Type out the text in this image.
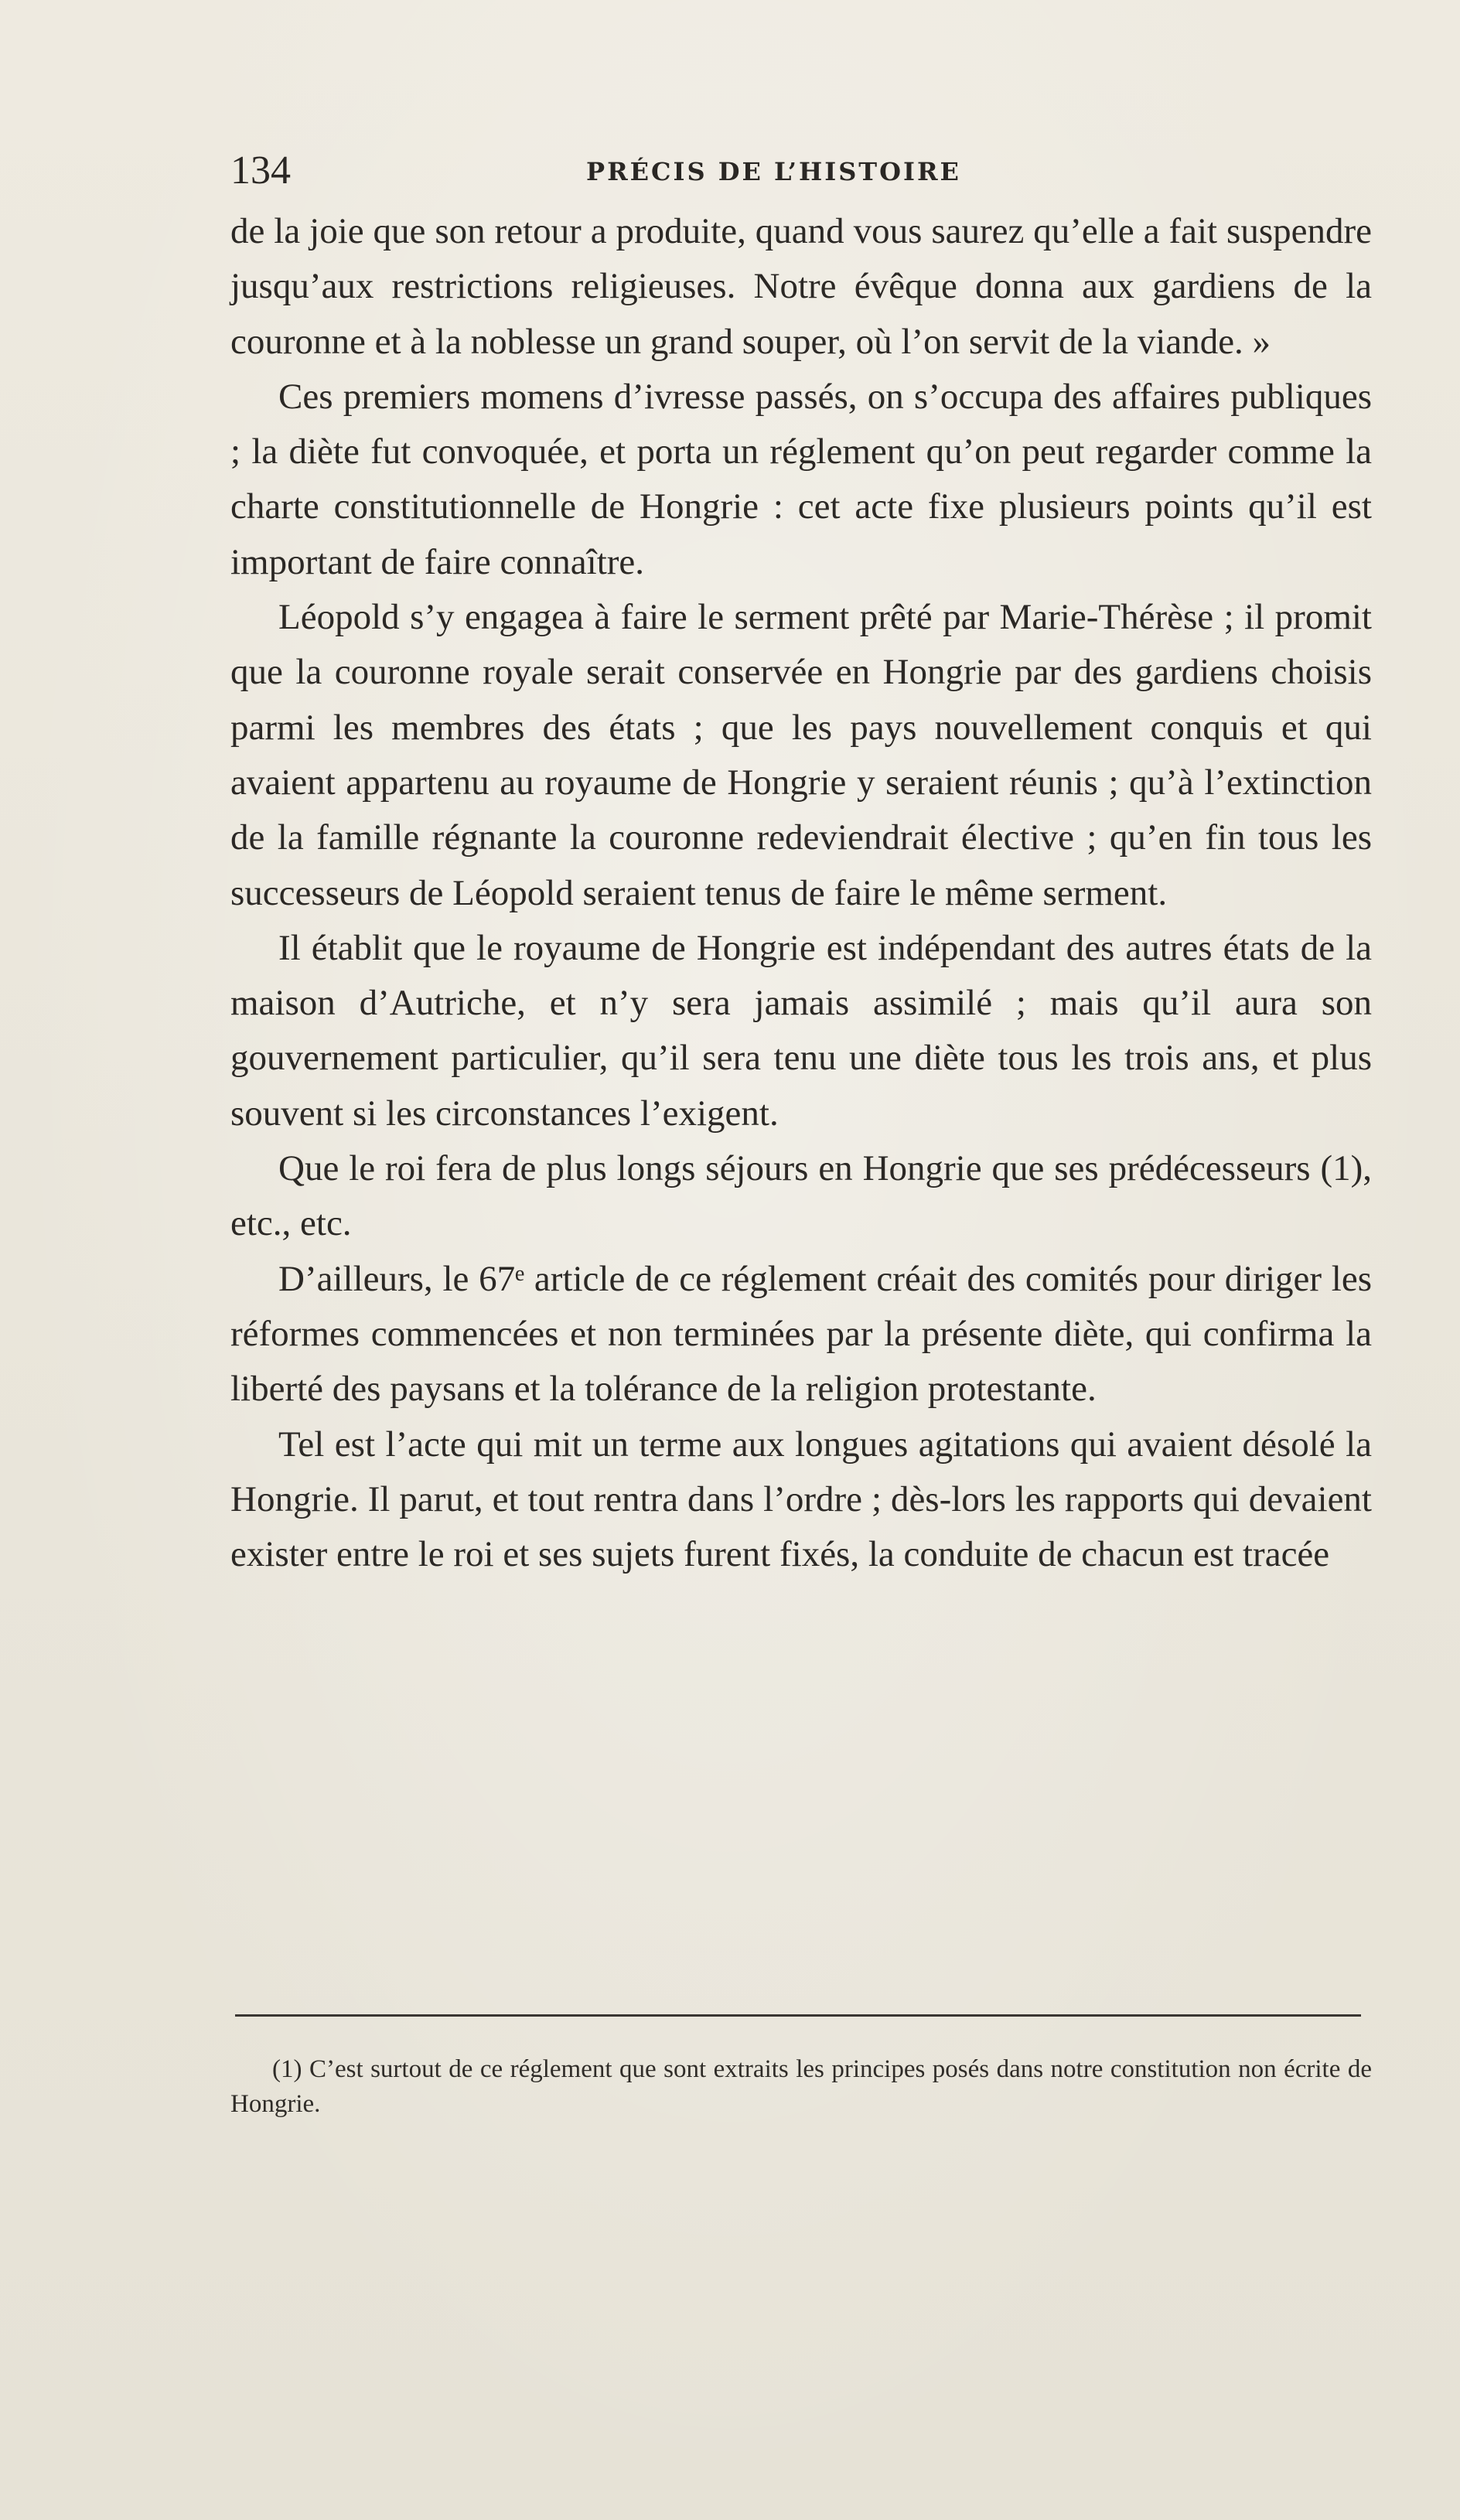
134	PRÉCIS DE L’HISTOIRE

de la joie que son retour a produite, quand vous saurez qu’elle a fait suspendre jusqu’aux restrictions religieuses. Notre évêque donna aux gardiens de la couronne et à la noblesse un grand souper, où l’on servit de la viande. »

Ces premiers momens d’ivresse passés, on s’occupa des affaires publiques ; la diète fut convoquée, et porta un réglement qu’on peut regarder comme la charte constitutionnelle de Hongrie : cet acte fixe plusieurs points qu’il est important de faire connaître.

Léopold s’y engagea à faire le serment prêté par Marie-Thérèse ; il promit que la couronne royale serait conservée en Hongrie par des gardiens choisis parmi les membres des états ; que les pays nouvellement conquis et qui avaient appartenu au royaume de Hongrie y seraient réunis ; qu’à l’extinction de la famille régnante la couronne redeviendrait élective ; qu’en fin tous les successeurs de Léopold seraient tenus de faire le même serment.

Il établit que le royaume de Hongrie est indépendant des autres états de la maison d’Autriche, et n’y sera jamais assimilé ; mais qu’il aura son gouvernement particulier, qu’il sera tenu une diète tous les trois ans, et plus souvent si les circonstances l’exigent.

Que le roi fera de plus longs séjours en Hongrie que ses prédécesseurs (1), etc., etc.

D’ailleurs, le 67ᵉ article de ce réglement créait des comités pour diriger les réformes commencées et non terminées par la présente diète, qui confirma la liberté des paysans et la tolérance de la religion protestante.

Tel est l’acte qui mit un terme aux longues agitations qui avaient désolé la Hongrie. Il parut, et tout rentra dans l’ordre ; dès-lors les rapports qui devaient exister entre le roi et ses sujets furent fixés, la conduite de chacun est tracée

(1) C’est surtout de ce réglement que sont extraits les principes posés dans notre constitution non écrite de Hongrie.
